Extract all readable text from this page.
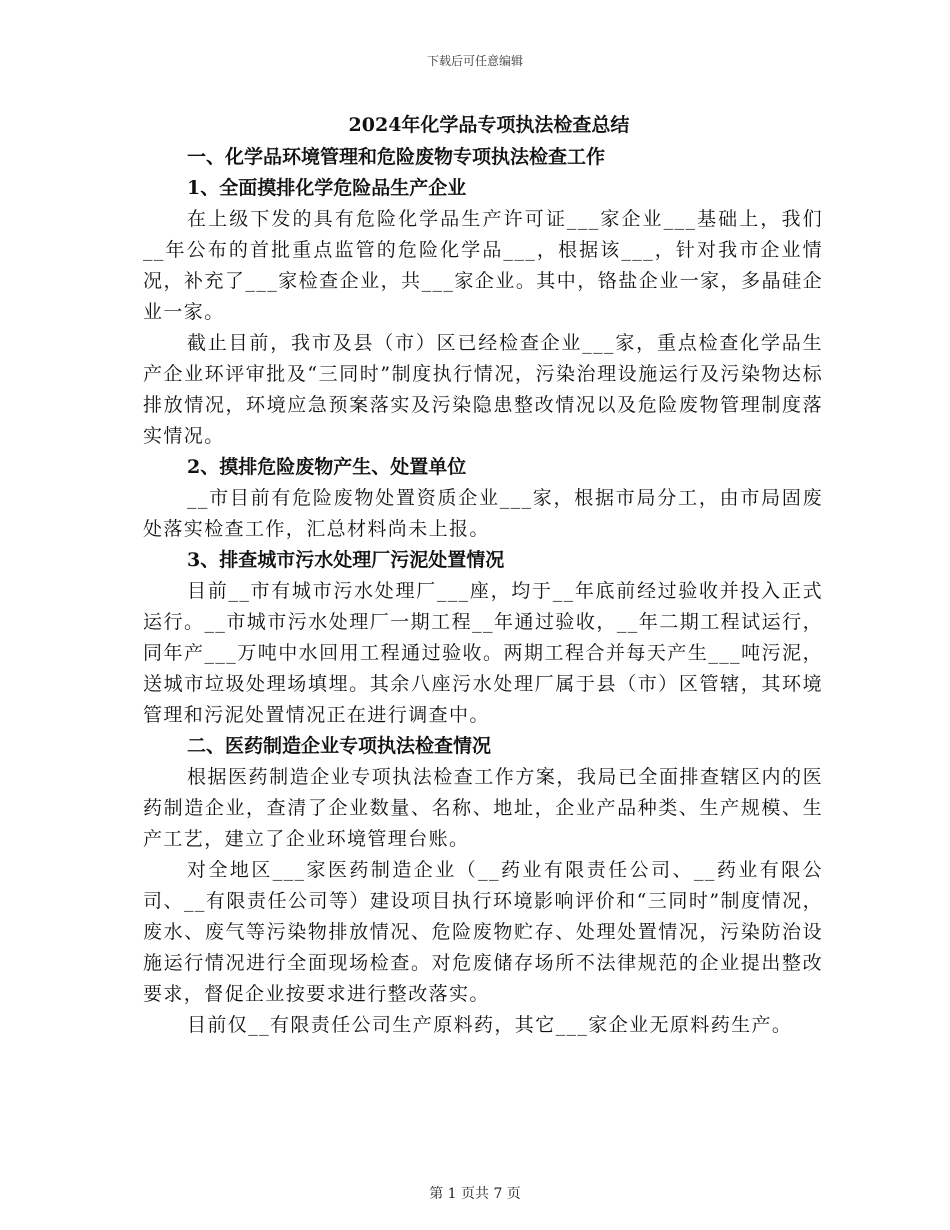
下载后可任意编辑
2024年化学品专项执法检查总结

一、化学品环境管理和危险废物专项执法检查工作

1、全面摸排化学危险品生产企业

在上级下发的具有危险化学品生产许可证___家企业___基础上，我们__年公布的首批重点监管的危险化学品___，根据该___，针对我市企业情况，补充了___家检查企业，共___家企业。其中，铬盐企业一家，多晶硅企业一家。

截止目前，我市及县（市）区已经检查企业___家，重点检查化学品生产企业环评审批及“三同时”制度执行情况，污染治理设施运行及污染物达标排放情况，环境应急预案落实及污染隐患整改情况以及危险废物管理制度落实情况。

2、摸排危险废物产生、处置单位

__市目前有危险废物处置资质企业___家，根据市局分工，由市局固废处落实检查工作，汇总材料尚未上报。

3、排查城市污水处理厂污泥处置情况

目前__市有城市污水处理厂___座，均于__年底前经过验收并投入正式运行。__市城市污水处理厂一期工程__年通过验收，__年二期工程试运行，同年产___万吨中水回用工程通过验收。两期工程合并每天产生___吨污泥，送城市垃圾处理场填埋。其余八座污水处理厂属于县（市）区管辖，其环境管理和污泥处置情况正在进行调查中。

二、医药制造企业专项执法检查情况

根据医药制造企业专项执法检查工作方案，我局已全面排查辖区内的医药制造企业，查清了企业数量、名称、地址，企业产品种类、生产规模、生产工艺，建立了企业环境管理台账。

对全地区___家医药制造企业（__药业有限责任公司、__药业有限公司、__有限责任公司等）建设项目执行环境影响评价和“三同时”制度情况，废水、废气等污染物排放情况、危险废物贮存、处理处置情况，污染防治设施运行情况进行全面现场检查。对危废储存场所不法律规范的企业提出整改要求，督促企业按要求进行整改落实。

目前仅__有限责任公司生产原料药，其它___家企业无原料药生产。

第 1 页共 7 页
